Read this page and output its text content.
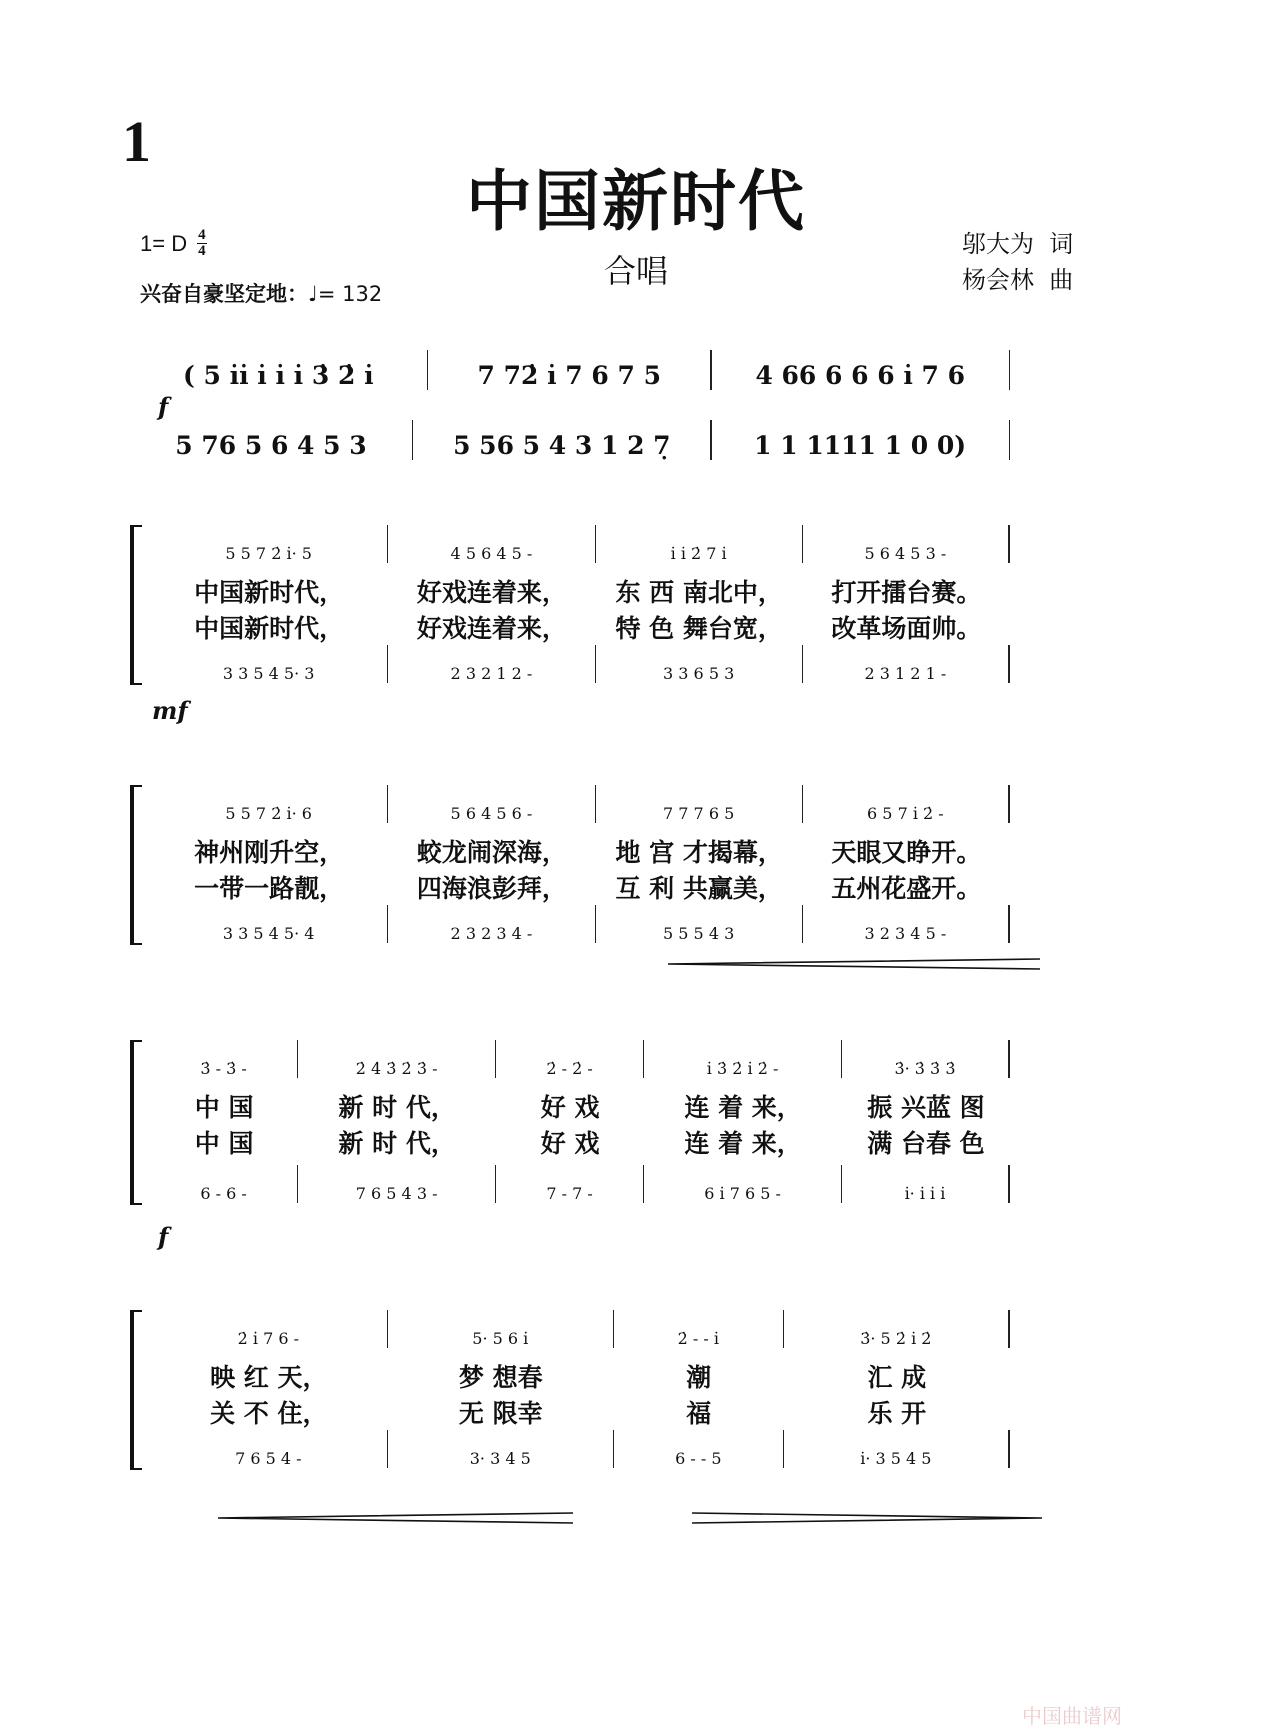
1
中国新时代
合唱
1= D $\frac{4}{4}$
兴奋自豪坚定地：♩= 132
邬大为  词
杨会林  曲
( 5 i̇i̇ i̇ i̇ i̇ 3̇ 2̇ i̇	7 72̇ i̇ 7 6 7 5	4 66 6 6 6 i̇ 7 6
f
5 76 5 6 4 5 3	5 56 5 4 3 1 2 7̣	1 1 1111 1 0 0)
5 5 7 2̇ i̇· 5	4 5 6 4 5 -	i̇ i̇ 2̇ 7 i̇	5 6 4 5 3 -
中国新时代，	好戏连着来，	东 西 南北中，	打开擂台赛。
中国新时代，	好戏连着来，	特 色 舞台宽，	改革场面帅。
3 3 5 4 5· 3	2 3 2 1 2 -	3 3 6 5 3	2 3 1 2 1 -
mf
5 5 7 2̇ i̇· 6	5 6 4 5 6 -	7 7 7 6 5	6 5 7 i̇ 2̇ -
神州刚升空，	蛟龙闹深海，	地 宫 才揭幕，	天眼又睁开。
一带一路靓，	四海浪彭拜，	互 利 共赢美，	五州花盛开。
3 3 5 4 5· 4	2 3 2 3 4 -	5 5 5 4 3	3 2 3 4 5 -
3̇ - 3̇ -	2̇ 4̇ 3̇ 2̇ 3̇ -	2̇ - 2̇ -	i̇ 3̇ 2̇ i̇ 2̇ -	3̇· 3̇ 3̇ 3̇
中 国	新 时 代，	好 戏	连 着 来，	振 兴蓝 图
中 国	新 时 代，	好 戏	连 着 来，	满 台春 色
6 - 6 -	7 6 5 4 3 -	7 - 7 -	6 i̇ 7 6 5 -	i̇· i̇ i̇ i̇
f
2̇ i̇ 7 6 -	5· 5 6 i̇	2̇ - - i̇	3̇· 5 2̇ i̇ 2̇
映 红 天，	梦 想春	潮	汇 成
关 不 住，	无 限幸	福	乐 开
7 6 5 4 -	3· 3 4 5	6 - - 5	i̇· 3 5 4 5
中国曲谱网
